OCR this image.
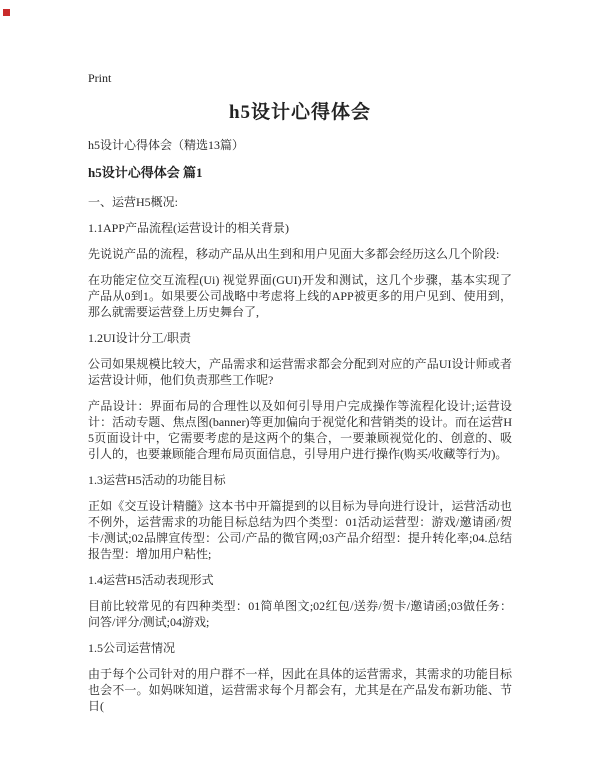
Print
h5设计心得体会

h5设计心得体会（精选13篇）

h5设计心得体会 篇1

一、运营H5概况:

1.1APP产品流程(运营设计的相关背景)

先说说产品的流程，移动产品从出生到和用户见面大多都会经历这么几个阶段:

在功能定位交互流程(Ui) 视觉界面(GUI)开发和测试，这几个步骤，基本实现了产品从0到1。如果要公司战略中考虑将上线的APP被更多的用户见到、使用到，那么就需要运营登上历史舞台了,

1.2UI设计分工/职责

公司如果规模比较大，产品需求和运营需求都会分配到对应的产品UI设计师或者运营设计师，他们负责那些工作呢?

产品设计：界面布局的合理性以及如何引导用户完成操作等流程化设计;运营设计：活动专题、焦点图(banner)等更加偏向于视觉化和营销类的设计。而在运营H5页面设计中，它需要考虑的是这两个的集合，一要兼顾视觉化的、创意的、吸引人的，也要兼顾能合理布局页面信息，引导用户进行操作(购买/收藏等行为)。

1.3运营H5活动的功能目标

正如《交互设计精髓》这本书中开篇提到的以目标为导向进行设计，运营活动也不例外，运营需求的功能目标总结为四个类型：01活动运营型：游戏/邀请函/贺卡/测试;02品牌宣传型：公司/产品的微官网;03产品介绍型：提升转化率;04.总结报告型：增加用户粘性;

1.4运营H5活动表现形式

目前比较常见的有四种类型：01简单图文;02红包/送券/贺卡/邀请函;03做任务：问答/评分/测试;04游戏;

1.5公司运营情况

由于每个公司针对的用户群不一样，因此在具体的运营需求，其需求的功能目标也会不一。如妈咪知道，运营需求每个月都会有，尤其是在产品发布新功能、节日(
